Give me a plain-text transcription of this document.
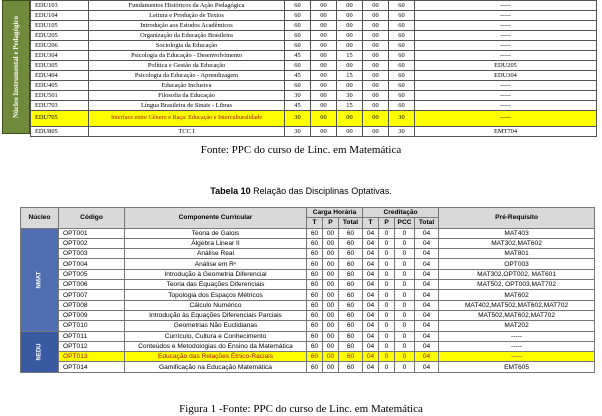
Núcleo Instrumental e Pedagógico
EDU103	Fundamentos Históricos da Ação Pedagógica	60	00	00	00	60	-----
EDU104	Leitura e Produção de Textos	60	00	00	00	60	-----
EDU105	Introdução aos Estudos Acadêmicos	60	00	00	00	60	-----
EDU205	Organização da Educação Brasileira	60	00	00	00	60	-----
EDU206	Sociologia da Educação	60	00	00	00	60	-----
EDU304	Psicologia da Educação - Desenvolvimento	45	00	15	00	60	-----
EDU305	Política e Gestão da Educação	60	00	00	00	60	EDU205
EDU404	Psicologia da Educação - Aprendizagem	45	00	15	00	60	EDU304
EDU405	Educação Inclusiva	60	00	00	00	60	-----
EDU501	Filosofia da Educação	30	00	30	00	60	-----
EDU703	Língua Brasileira de Sinais - Libras	45	00	15	00	60	-----
EDU705	Interface entre Gênero e Raça: Educação e Interculturalidade	30	00	00	00	30	-----
EDU805	TCC I	30	00	00	00	30	EMT704
Fonte: PPC do curso de Linc. em Matemática
Tabela 10 Relação das Disciplinas Optativas.
Núcleo	Código	Componente Curricular	Carga Horária			Creditação				Pré-Requisito
			T	P	Total	T	P	PCC	Total	
NMAT	OPT001	Teoria de Galois	60	00	60	04	0	0	04	MAT403
	OPT002	Álgebra Linear II	60	00	60	04	0	0	04	MAT302,MAT602
	OPT003	Análise Real	60	00	60	04	0	0	04	MAT801
	OPT004	Análise em Rⁿ	60	00	60	04	0	0	04	OPT003
	OPT005	Introdução à Geometria Diferencial	60	00	60	04	0	0	04	MAT302,OPT002, MAT601
	OPT006	Teoria das Equações Diferenciais	60	00	60	04	0	0	04	MAT502, OPT003,MAT702
	OPT007	Topologia dos Espaços Métricos	60	00	60	04	0	0	04	MAT602
	OPT008	Cálculo Numérico	60	00	60	04	0	0	04	MAT402,MAT502,MAT602,MAT702
	OPT009	Introdução às Equações Diferenciais Parciais	60	00	60	04	0	0	04	MAT502,MAT602,MAT702
	OPT010	Geometrias Não Euclidianas	60	00	60	04	0	0	04	MAT202
NEDU	OPT011	Currículo, Cultura e Conhecimento	60	00	60	04	0	0	04	-----
	OPT012	Conteúdos e Metodologias do Ensino da Matemática	60	00	60	04	0	0	04	-----
	OPT013	Educação das Relações Étnico-Raciais	60	00	60	04	0	0	04	-----
	OPT014	Gamificação na Educação Matemática	60	00	60	04	0	0	04	EMT605
Figura 1 -Fonte: PPC do curso de Linc. em Matemática
